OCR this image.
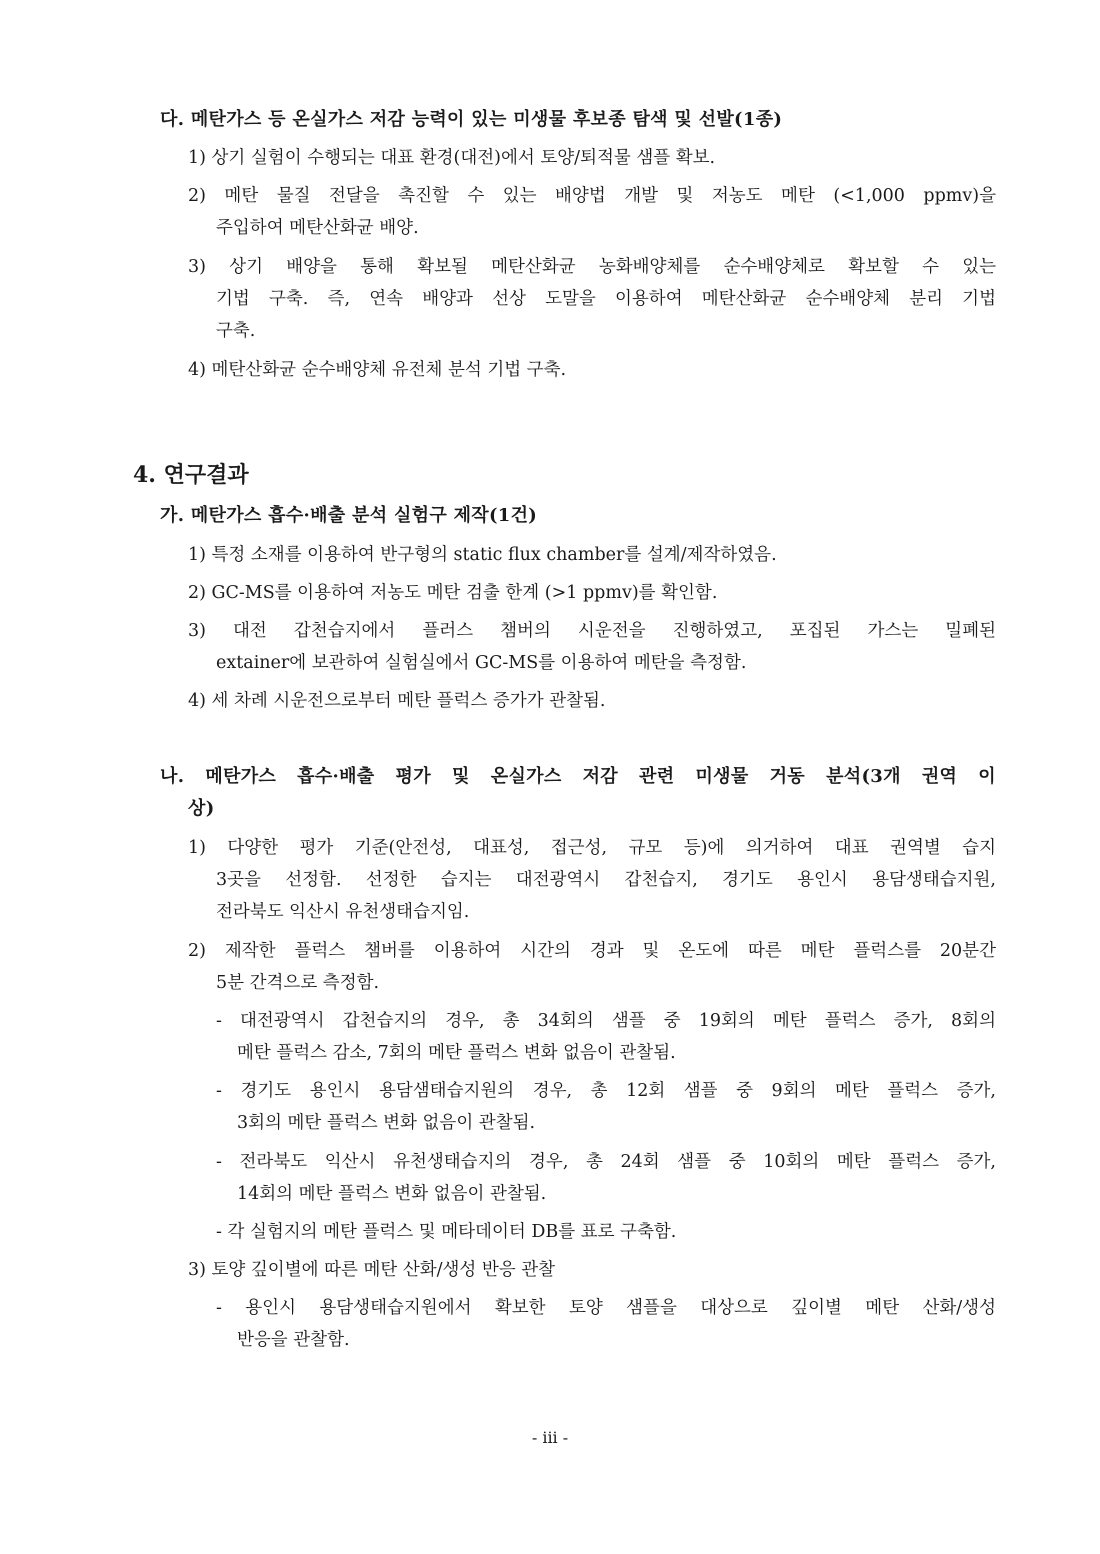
다. 메탄가스 등 온실가스 저감 능력이 있는 미생물 후보종 탐색 및 선발(1종)
1) 상기 실험이 수행되는 대표 환경(대전)에서 토양/퇴적물 샘플 확보.
2) 메탄 물질 전달을 촉진할 수 있는 배양법 개발 및 저농도 메탄 (<1,000 ppmv)을
주입하여 메탄산화균 배양.
3) 상기 배양을 통해 확보될 메탄산화균 농화배양체를 순수배양체로 확보할 수 있는
기법 구축. 즉, 연속 배양과 선상 도말을 이용하여 메탄산화균 순수배양체 분리 기법
구축.
4) 메탄산화균 순수배양체 유전체 분석 기법 구축.
4. 연구결과
가. 메탄가스 흡수·배출 분석 실험구 제작(1건)
1) 특정 소재를 이용하여 반구형의 static flux chamber를 설계/제작하였음.
2) GC-MS를 이용하여 저농도 메탄 검출 한계 (>1 ppmv)를 확인함.
3) 대전 갑천습지에서 플러스 챔버의 시운전을 진행하였고, 포집된 가스는 밀폐된
extainer에 보관하여 실험실에서 GC-MS를 이용하여 메탄을 측정함.
4) 세 차례 시운전으로부터 메탄 플럭스 증가가 관찰됨.
나. 메탄가스 흡수·배출 평가 및 온실가스 저감 관련 미생물 거동 분석(3개 권역 이
상)
1) 다양한 평가 기준(안전성, 대표성, 접근성, 규모 등)에 의거하여 대표 권역별 습지
3곳을 선정함. 선정한 습지는 대전광역시 갑천습지, 경기도 용인시 용담생태습지원,
전라북도 익산시 유천생태습지임.
2) 제작한 플럭스 챔버를 이용하여 시간의 경과 및 온도에 따른 메탄 플럭스를 20분간
5분 간격으로 측정함.
- 대전광역시 갑천습지의 경우, 총 34회의 샘플 중 19회의 메탄 플럭스 증가, 8회의
메탄 플럭스 감소, 7회의 메탄 플럭스 변화 없음이 관찰됨.
- 경기도 용인시 용담샘태습지원의 경우, 총 12회 샘플 중 9회의 메탄 플럭스 증가,
3회의 메탄 플럭스 변화 없음이 관찰됨.
- 전라북도 익산시 유천생태습지의 경우, 총 24회 샘플 중 10회의 메탄 플럭스 증가,
14회의 메탄 플럭스 변화 없음이 관찰됨.
- 각 실험지의 메탄 플럭스 및 메타데이터 DB를 표로 구축함.
3) 토양 깊이별에 따른 메탄 산화/생성 반응 관찰
- 용인시 용담생태습지원에서 확보한 토양 샘플을 대상으로 깊이별 메탄 산화/생성
반응을 관찰함.
- iii -
